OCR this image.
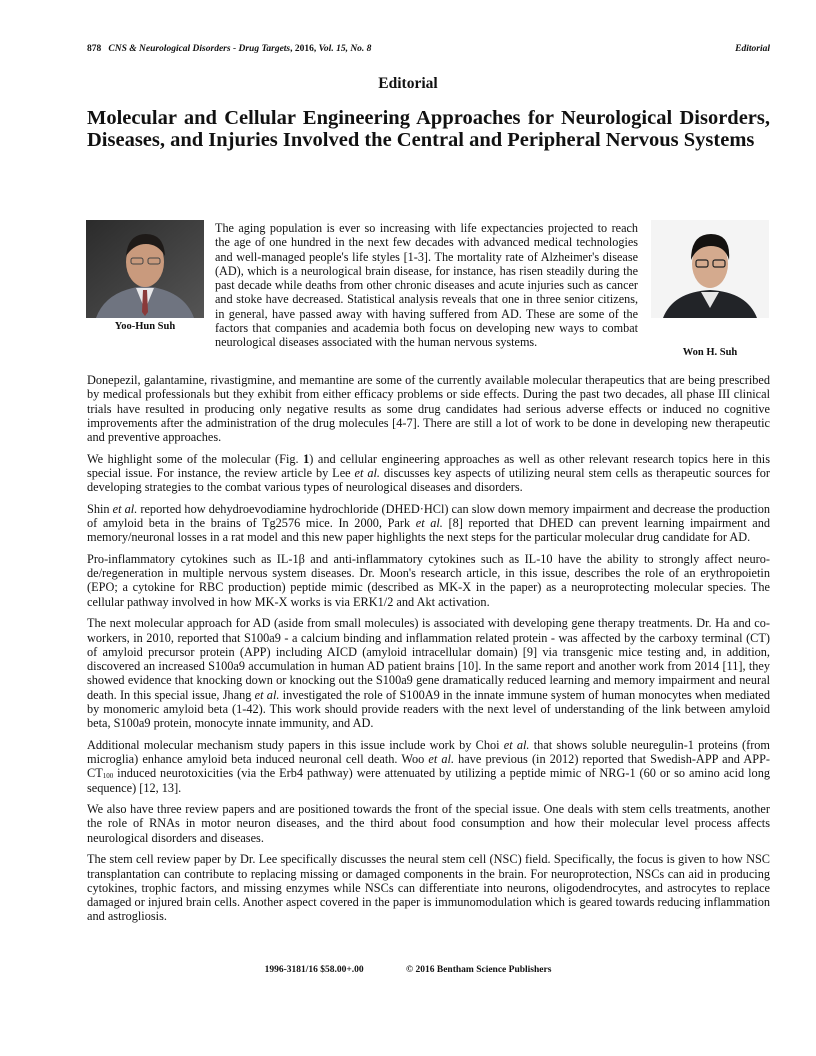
878 CNS & Neurological Disorders - Drug Targets, 2016, Vol. 15, No. 8	Editorial
Editorial
Molecular and Cellular Engineering Approaches for Neurological Disorders, Diseases, and Injuries Involved the Central and Peripheral Nervous Systems
Yoo-Hun Suh
The aging population is ever so increasing with life expectancies projected to reach the age of one hundred in the next few decades with advanced medical technologies and well-managed people's life styles [1-3]. The mortality rate of Alzheimer's disease (AD), which is a neurological brain disease, for instance, has risen steadily during the past decade while deaths from other chronic diseases and acute injuries such as cancer and stoke have decreased. Statistical analysis reveals that one in three senior citizens, in general, have passed away with having suffered from AD. These are some of the factors that companies and academia both focus on developing new ways to combat neurological diseases associated with the human nervous systems.
Won H. Suh

Donepezil, galantamine, rivastigmine, and memantine are some of the currently available molecular therapeutics that are being prescribed by medical professionals but they exhibit from either efficacy problems or side effects. During the past two decades, all phase III clinical trials have resulted in producing only negative results as some drug candidates had serious adverse effects or induced no cognitive improvements after the administration of the drug molecules [4-7]. There are still a lot of work to be done in developing new therapeutic and preventive approaches.

We highlight some of the molecular (Fig. 1) and cellular engineering approaches as well as other relevant research topics here in this special issue. For instance, the review article by Lee et al. discusses key aspects of utilizing neural stem cells as therapeutic sources for developing strategies to the combat various types of neurological diseases and disorders.

Shin et al. reported how dehydroevodiamine hydrochloride (DHED·HCl) can slow down memory impairment and decrease the production of amyloid beta in the brains of Tg2576 mice. In 2000, Park et al. [8] reported that DHED can prevent learning impairment and memory/neuronal losses in a rat model and this new paper highlights the next steps for the particular molecular drug candidate for AD.

Pro-inflammatory cytokines such as IL-1β and anti-inflammatory cytokines such as IL-10 have the ability to strongly affect neuro-de/regeneration in multiple nervous system diseases. Dr. Moon's research article, in this issue, describes the role of an erythropoietin (EPO; a cytokine for RBC production) peptide mimic (described as MK-X in the paper) as a neuroprotecting molecular species. The cellular pathway involved in how MK-X works is via ERK1/2 and Akt activation.

The next molecular approach for AD (aside from small molecules) is associated with developing gene therapy treatments. Dr. Ha and co-workers, in 2010, reported that S100a9 - a calcium binding and inflammation related protein - was affected by the carboxy terminal (CT) of amyloid precursor protein (APP) including AICD (amyloid intracellular domain) [9] via transgenic mice testing and, in addition, discovered an increased S100a9 accumulation in human AD patient brains [10]. In the same report and another work from 2014 [11], they showed evidence that knocking down or knocking out the S100a9 gene dramatically reduced learning and memory impairment and neural death. In this special issue, Jhang et al. investigated the role of S100A9 in the innate immune system of human monocytes when mediated by monomeric amyloid beta (1-42). This work should provide readers with the next level of understanding of the link between amyloid beta, S100a9 protein, monocyte innate immunity, and AD.

Additional molecular mechanism study papers in this issue include work by Choi et al. that shows soluble neuregulin-1 proteins (from microglia) enhance amyloid beta induced neuronal cell death. Woo et al. have previous (in 2012) reported that Swedish-APP and APP-$CT_{100}$ induced neurotoxicities (via the Erb4 pathway) were attenuated by utilizing a peptide mimic of NRG-1 (60 or so amino acid long sequence) [12, 13].

We also have three review papers and are positioned towards the front of the special issue. One deals with stem cells treatments, another the role of RNAs in motor neuron diseases, and the third about food consumption and how their molecular level process affects neurological disorders and diseases.

The stem cell review paper by Dr. Lee specifically discusses the neural stem cell (NSC) field. Specifically, the focus is given to how NSC transplantation can contribute to replacing missing or damaged components in the brain. For neuroprotection, NSCs can aid in producing cytokines, trophic factors, and missing enzymes while NSCs can differentiate into neurons, oligodendrocytes, and astrocytes to replace damaged or injured brain cells. Another aspect covered in the paper is immunomodulation which is geared towards reducing inflammation and astrogliosis.

1996-3181/16 $58.00+.00	© 2016 Bentham Science Publishers
